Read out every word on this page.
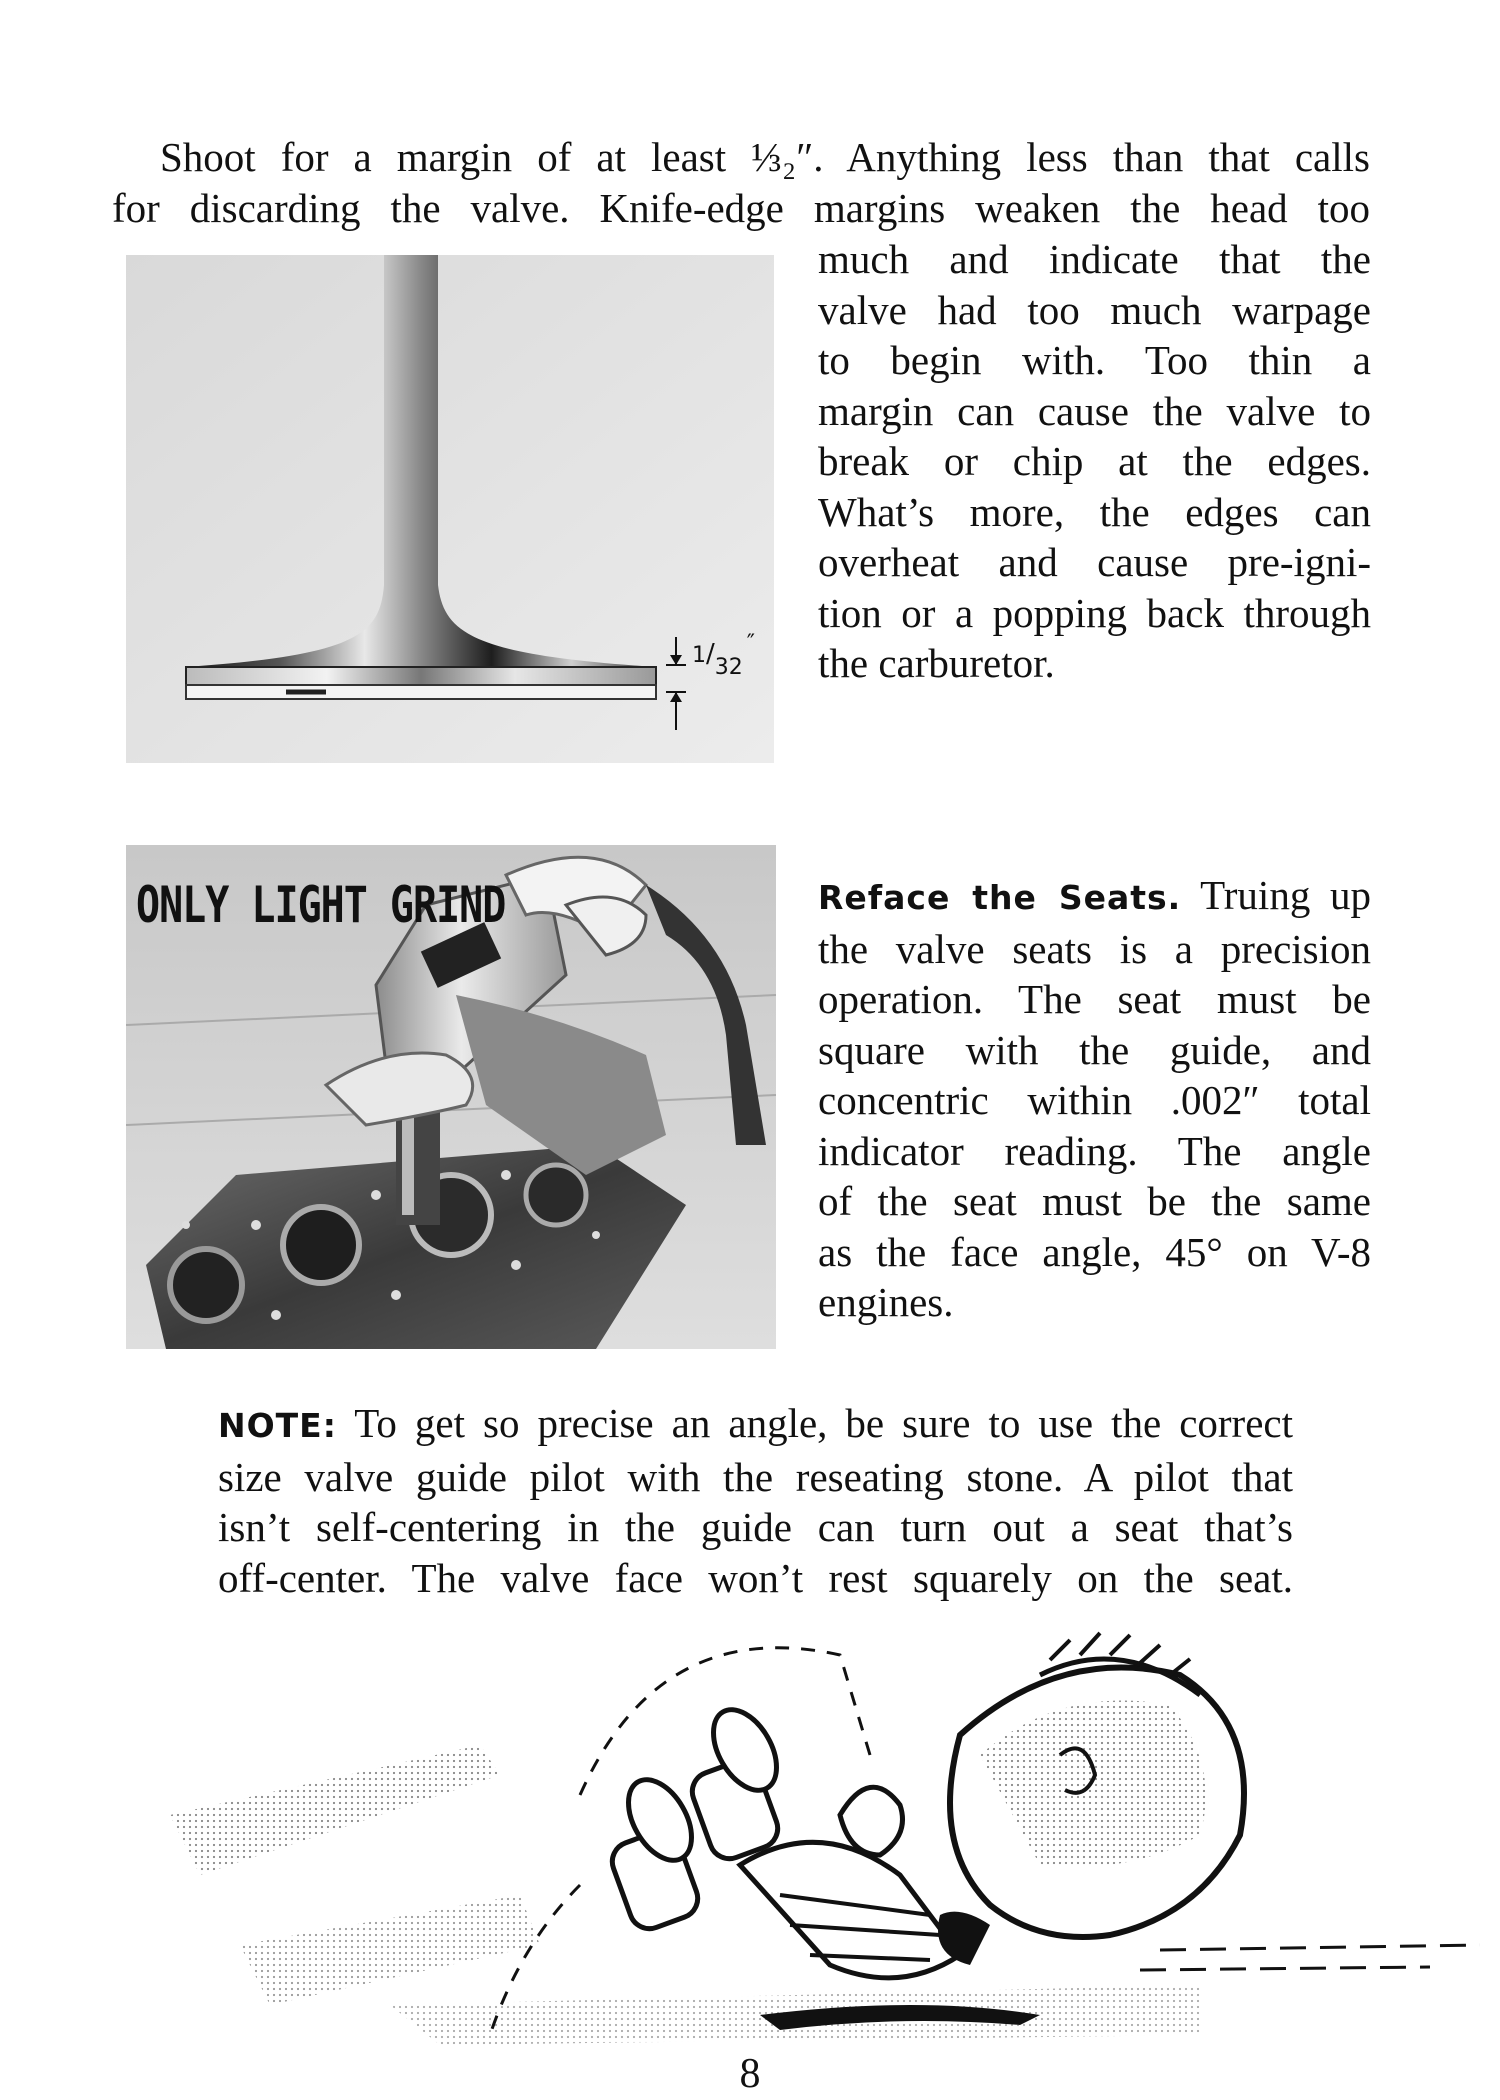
Shoot for a margin of at least ⅓₂″. Anything less than that calls
for discarding the valve. Knife-edge margins weaken the head too
much and indicate that the
valve had too much warpage
to begin with. Too thin a
margin can cause the valve to
break or chip at the edges.
What’s more, the edges can
overheat and cause pre-igni-
tion or a popping back through
the carburetor.
1/32″
ONLY LIGHT GRIND	Reface the Seats. Truing up
the valve seats is a precision
operation. The seat must be
square with the guide, and
concentric within .002″ total
indicator reading. The angle
of the seat must be the same
as the face angle, 45° on V-8
engines.
NOTE: To get so precise an angle, be sure to use the correct
size valve guide pilot with the reseating stone. A pilot that
isn’t self-centering in the guide can turn out a seat that’s
off-center. The valve face won’t rest squarely on the seat.
8
